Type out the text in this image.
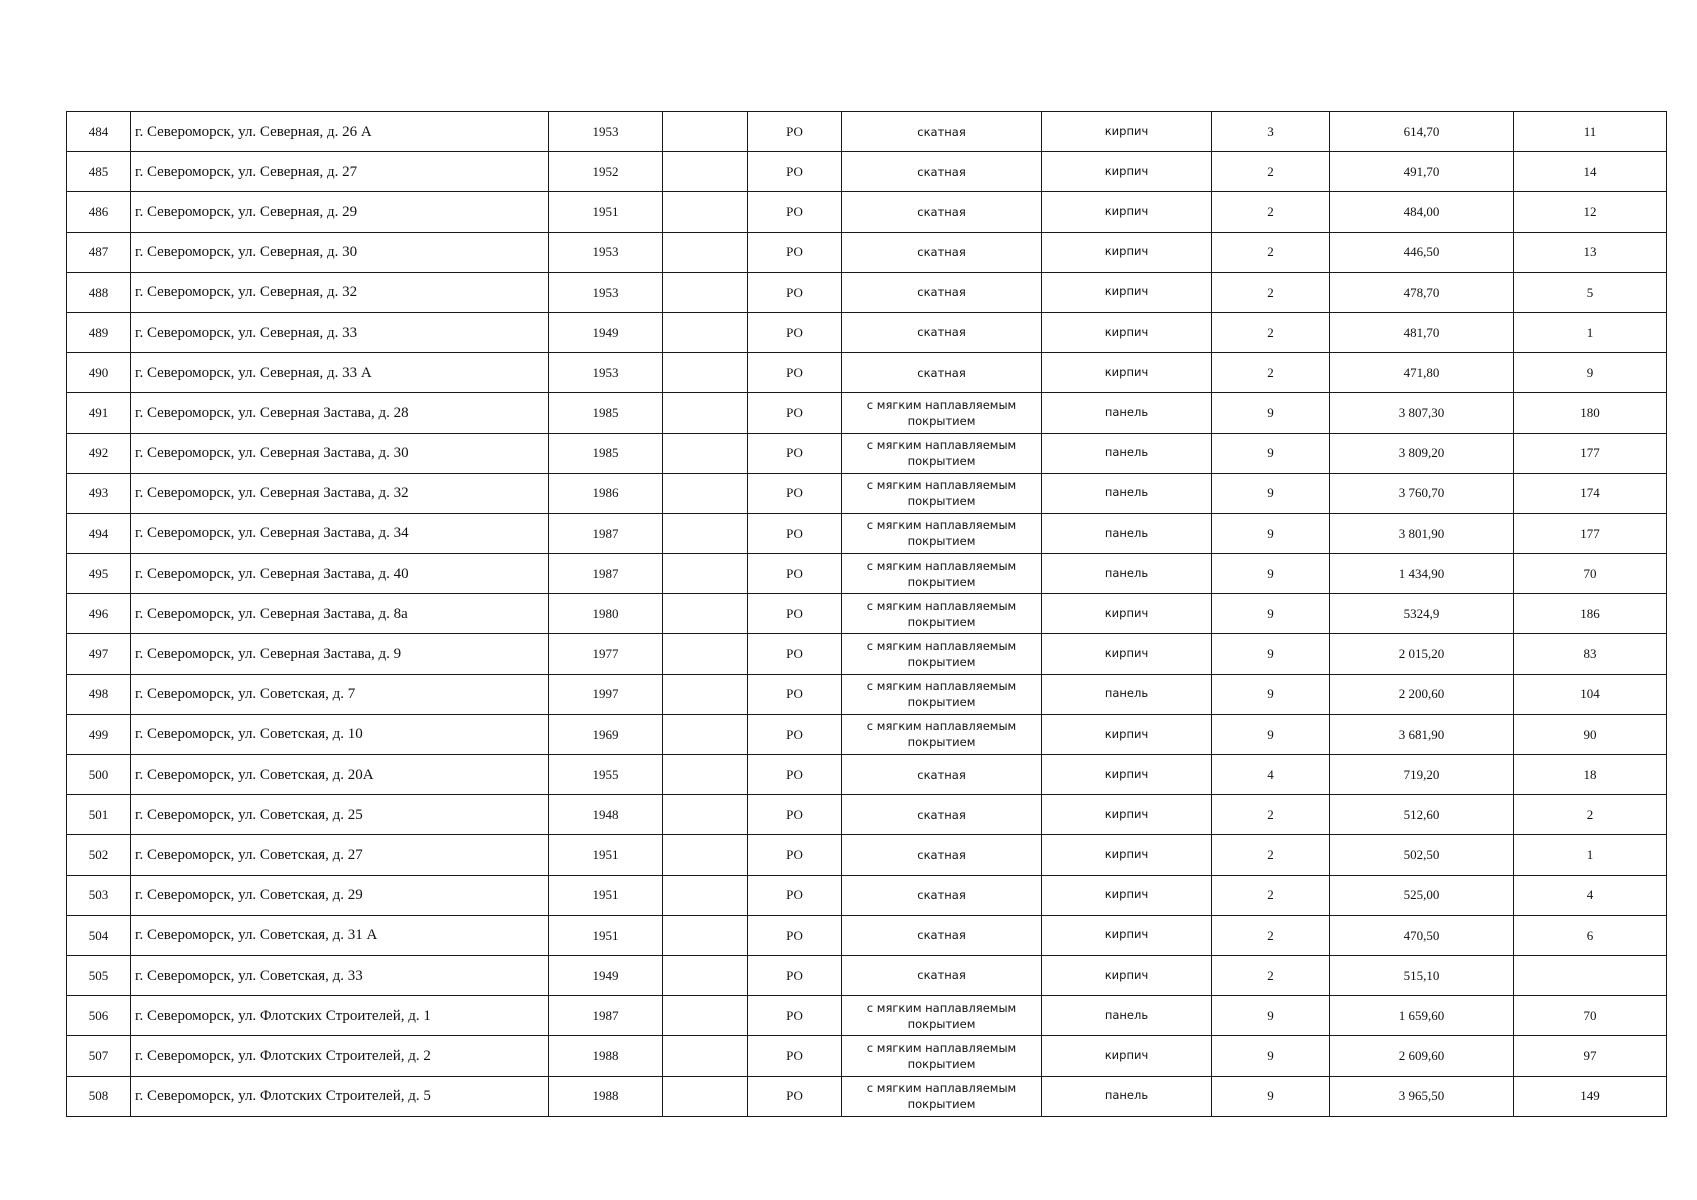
484	г. Североморск, ул. Северная, д. 26 А	1953		РО	скатная	кирпич	3	614,70	11
485	г. Североморск, ул. Северная, д. 27	1952		РО	скатная	кирпич	2	491,70	14
486	г. Североморск, ул. Северная, д. 29	1951		РО	скатная	кирпич	2	484,00	12
487	г. Североморск, ул. Северная, д. 30	1953		РО	скатная	кирпич	2	446,50	13
488	г. Североморск, ул. Северная, д. 32	1953		РО	скатная	кирпич	2	478,70	5
489	г. Североморск, ул. Северная, д. 33	1949		РО	скатная	кирпич	2	481,70	1
490	г. Североморск, ул. Северная, д. 33 А	1953		РО	скатная	кирпич	2	471,80	9
491	г. Североморск, ул. Северная Застава, д. 28	1985		РО	с мягким наплавляемым покрытием	панель	9	3 807,30	180
492	г. Североморск, ул. Северная Застава, д. 30	1985		РО	с мягким наплавляемым покрытием	панель	9	3 809,20	177
493	г. Североморск, ул. Северная Застава, д. 32	1986		РО	с мягким наплавляемым покрытием	панель	9	3 760,70	174
494	г. Североморск, ул. Северная Застава, д. 34	1987		РО	с мягким наплавляемым покрытием	панель	9	3 801,90	177
495	г. Североморск, ул. Северная Застава, д. 40	1987		РО	с мягким наплавляемым покрытием	панель	9	1 434,90	70
496	г. Североморск, ул. Северная Застава, д. 8а	1980		РО	с мягким наплавляемым покрытием	кирпич	9	5324,9	186
497	г. Североморск, ул. Северная Застава, д. 9	1977		РО	с мягким наплавляемым покрытием	кирпич	9	2 015,20	83
498	г. Североморск, ул. Советская, д. 7	1997		РО	с мягким наплавляемым покрытием	панель	9	2 200,60	104
499	г. Североморск, ул. Советская, д. 10	1969		РО	с мягким наплавляемым покрытием	кирпич	9	3 681,90	90
500	г. Североморск, ул. Советская, д. 20А	1955		РО	скатная	кирпич	4	719,20	18
501	г. Североморск, ул. Советская, д. 25	1948		РО	скатная	кирпич	2	512,60	2
502	г. Североморск, ул. Советская, д. 27	1951		РО	скатная	кирпич	2	502,50	1
503	г. Североморск, ул. Советская, д. 29	1951		РО	скатная	кирпич	2	525,00	4
504	г. Североморск, ул. Советская, д. 31 А	1951		РО	скатная	кирпич	2	470,50	6
505	г. Североморск, ул. Советская, д. 33	1949		РО	скатная	кирпич	2	515,10	
506	г. Североморск, ул. Флотских Строителей, д. 1	1987		РО	с мягким наплавляемым покрытием	панель	9	1 659,60	70
507	г. Североморск, ул. Флотских Строителей, д. 2	1988		РО	с мягким наплавляемым покрытием	кирпич	9	2 609,60	97
508	г. Североморск, ул. Флотских Строителей, д. 5	1988		РО	с мягким наплавляемым покрытием	панель	9	3 965,50	149
